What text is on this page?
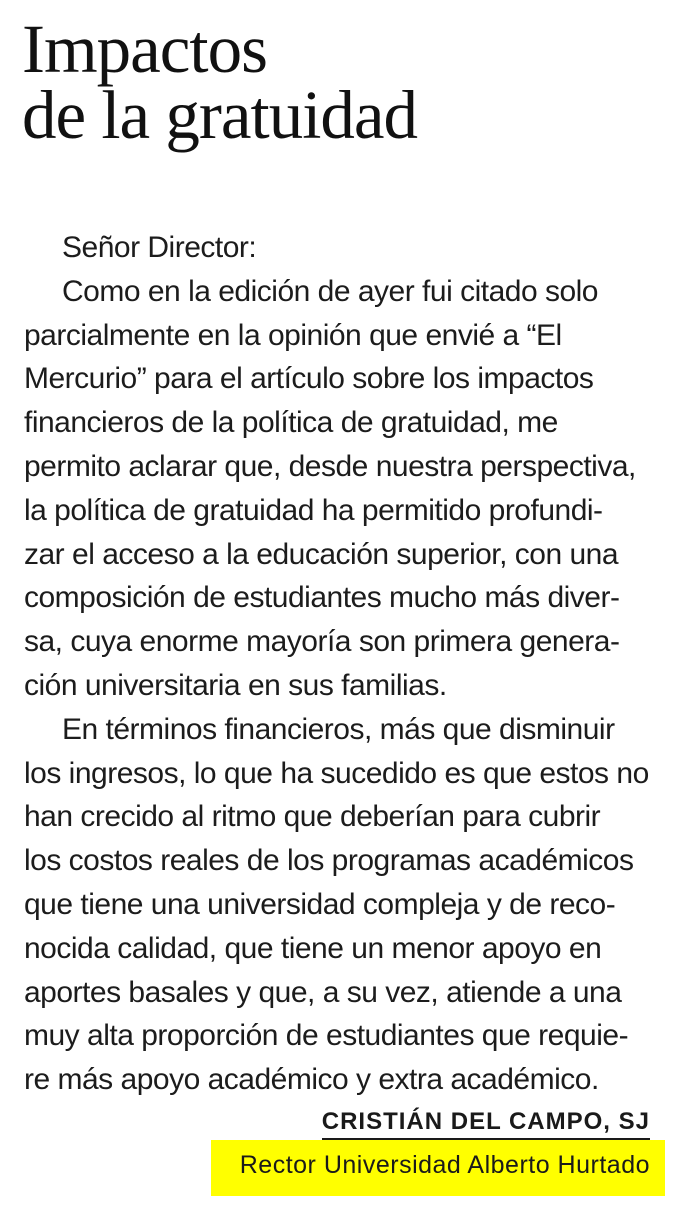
Impactos
de la gratuidad
Señor Director:
Como en la edición de ayer fui citado solo
parcialmente en la opinión que envié a “El
Mercurio” para el artículo sobre los impactos
financieros de la política de gratuidad, me
permito aclarar que, desde nuestra perspectiva,
la política de gratuidad ha permitido profundi-
zar el acceso a la educación superior, con una
composición de estudiantes mucho más diver-
sa, cuya enorme mayoría son primera genera-
ción universitaria en sus familias.
En términos financieros, más que disminuir
los ingresos, lo que ha sucedido es que estos no
han crecido al ritmo que deberían para cubrir
los costos reales de los programas académicos
que tiene una universidad compleja y de reco-
nocida calidad, que tiene un menor apoyo en
aportes basales y que, a su vez, atiende a una
muy alta proporción de estudiantes que requie-
re más apoyo académico y extra académico.
CRISTIÁN DEL CAMPO, SJ
Rector Universidad Alberto Hurtado
